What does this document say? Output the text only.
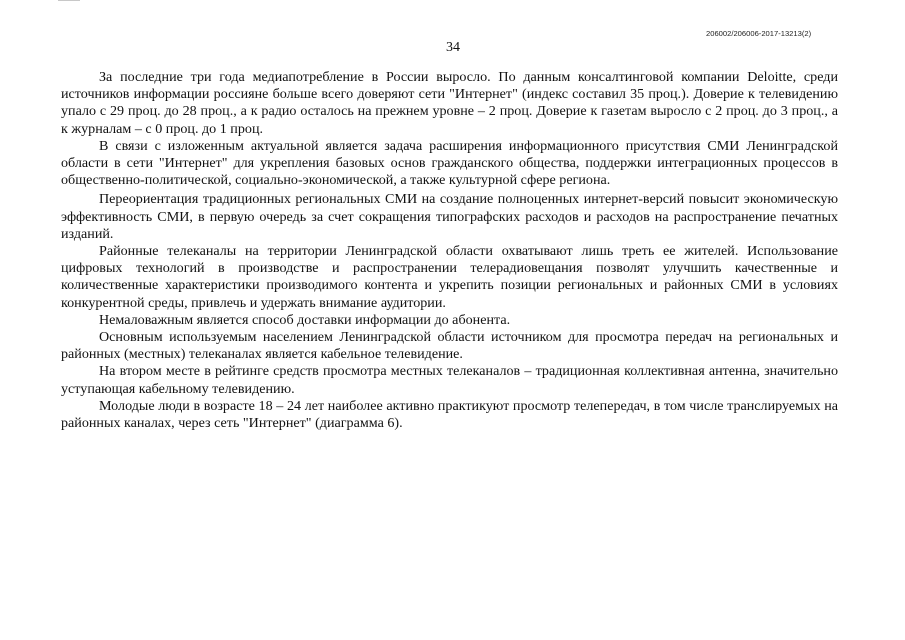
206002/206006-2017-13213(2)
34

За последние три года медиапотребление в России выросло. По данным консалтинговой компании Deloitte, среди источников информации россияне больше всего доверяют сети "Интернет" (индекс составил 35 проц.). Доверие к телевидению упало с 29 проц. до 28 проц., а к радио осталось на прежнем уровне – 2 проц. Доверие к газетам выросло с 2 проц. до 3 проц., а к журналам – с 0 проц. до 1 проц.

В связи с изложенным актуальной является задача расширения информационного присутствия СМИ Ленинградской области в сети "Интернет" для укрепления базовых основ гражданского общества, поддержки интеграционных процессов в общественно-политической, социально-экономической, а также культурной сфере региона.

Переориентация традиционных региональных СМИ на создание полноценных интернет-версий повысит экономическую эффективность СМИ, в первую очередь за счет сокращения типографских расходов и расходов на распространение печатных изданий.

Районные телеканалы на территории Ленинградской области охватывают лишь треть ее жителей. Использование цифровых технологий в производстве и распространении телерадиовещания позволят улучшить качественные и количественные характеристики производимого контента и укрепить позиции региональных и районных СМИ в условиях конкурентной среды, привлечь и удержать внимание аудитории.

Немаловажным является способ доставки информации до абонента.

Основным используемым населением Ленинградской области источником для просмотра передач на региональных и районных (местных) телеканалах является кабельное телевидение.

На втором месте в рейтинге средств просмотра местных телеканалов – традиционная коллективная антенна, значительно уступающая кабельному телевидению.

Молодые люди в возрасте 18 – 24 лет наиболее активно практикуют просмотр телепередач, в том числе транслируемых на районных каналах, через сеть "Интернет" (диаграмма 6).
